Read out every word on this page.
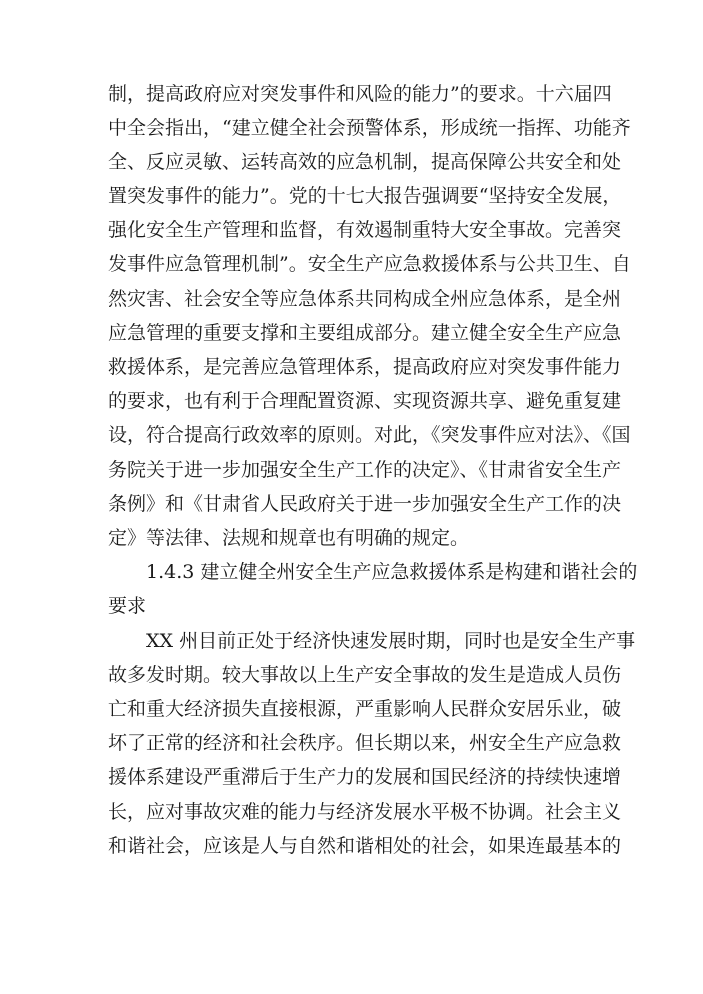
制，提高政府应对突发事件和风险的能力”的要求。十六届四
中全会指出，“建立健全社会预警体系，形成统一指挥、功能齐
全、反应灵敏、运转高效的应急机制，提高保障公共安全和处
置突发事件的能力”。党的十七大报告强调要“坚持安全发展，
强化安全生产管理和监督，有效遏制重特大安全事故。完善突
发事件应急管理机制”。安全生产应急救援体系与公共卫生、自
然灾害、社会安全等应急体系共同构成全州应急体系，是全州
应急管理的重要支撑和主要组成部分。建立健全安全生产应急
救援体系，是完善应急管理体系，提高政府应对突发事件能力
的要求，也有利于合理配置资源、实现资源共享、避免重复建
设，符合提高行政效率的原则。对此，《突发事件应对法》、《国
务院关于进一步加强安全生产工作的决定》、《甘肃省安全生产
条例》和《甘肃省人民政府关于进一步加强安全生产工作的决
定》等法律、法规和规章也有明确的规定。
1.4.3 建立健全州安全生产应急救援体系是构建和谐社会的
要求
XX 州目前正处于经济快速发展时期，同时也是安全生产事
故多发时期。较大事故以上生产安全事故的发生是造成人员伤
亡和重大经济损失直接根源，严重影响人民群众安居乐业，破
坏了正常的经济和社会秩序。但长期以来，州安全生产应急救
援体系建设严重滞后于生产力的发展和国民经济的持续快速增
长，应对事故灾难的能力与经济发展水平极不协调。社会主义
和谐社会，应该是人与自然和谐相处的社会，如果连最基本的
